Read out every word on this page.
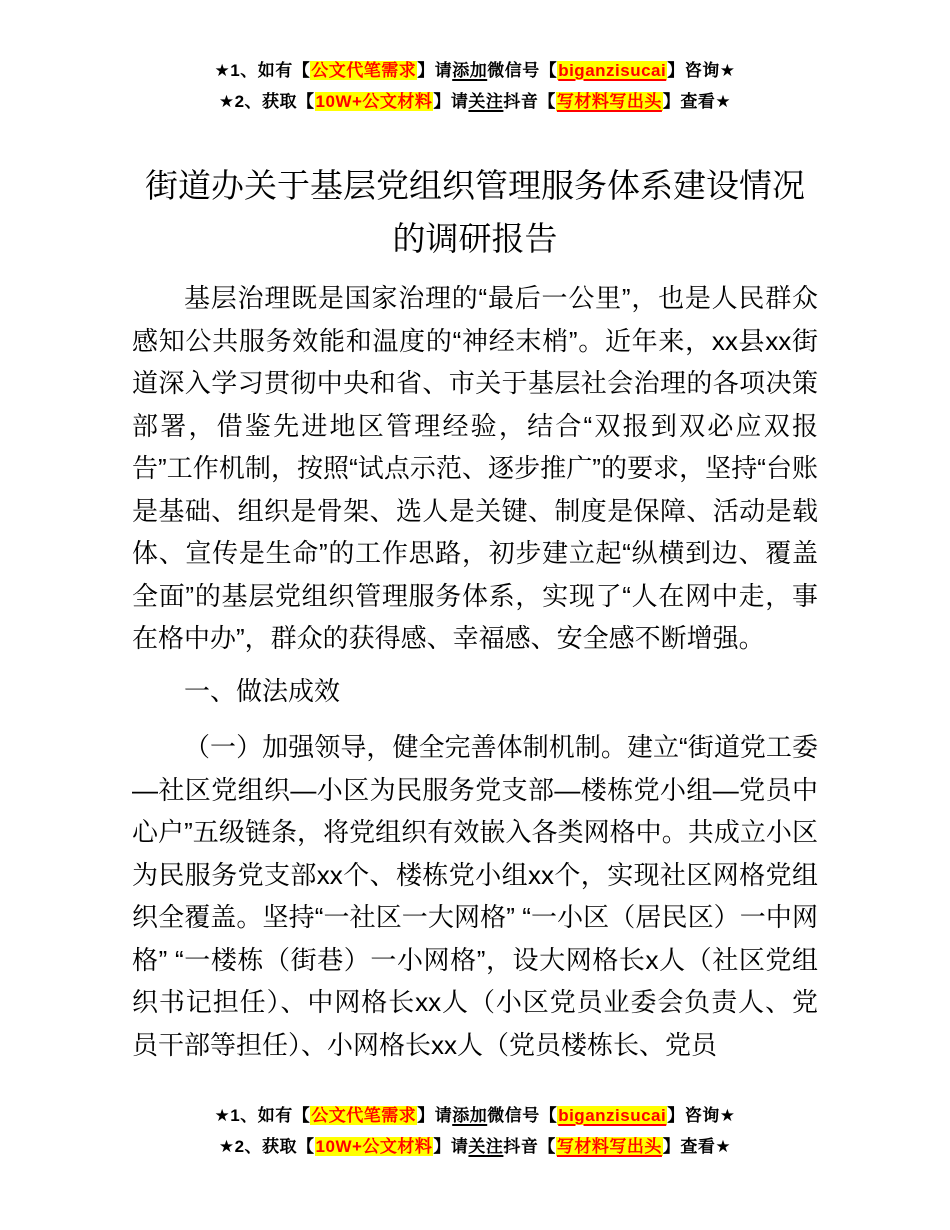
★1、如有【公文代笔需求】请添加微信号【biganzisucai】咨询★
★2、获取【10W+公文材料】请关注抖音【写材料写出头】查看★
街道办关于基层党组织管理服务体系建设情况的调研报告

基层治理既是国家治理的“最后一公里”，也是人民群众感知公共服务效能和温度的“神经末梢”。近年来，xx县xx街道深入学习贯彻中央和省、市关于基层社会治理的各项决策部署，借鉴先进地区管理经验，结合“双报到双必应双报告”工作机制，按照“试点示范、逐步推广”的要求，坚持“台账是基础、组织是骨架、选人是关键、制度是保障、活动是载体、宣传是生命”的工作思路，初步建立起“纵横到边、覆盖全面”的基层党组织管理服务体系，实现了“人在网中走，事在格中办”，群众的获得感、幸福感、安全感不断增强。

一、做法成效

（一）加强领导，健全完善体制机制。建立“街道党工委—社区党组织—小区为民服务党支部—楼栋党小组—党员中心户”五级链条，将党组织有效嵌入各类网格中。共成立小区为民服务党支部xx个、楼栋党小组xx个，实现社区网格党组织全覆盖。坚持“一社区一大网格” “一小区（居民区）一中网格” “一楼栋（街巷）一小网格”，设大网格长x人（社区党组织书记担任）、中网格长xx人（小区党员业委会负责人、党员干部等担任）、小网格长xx人（党员楼栋长、党员

★1、如有【公文代笔需求】请添加微信号【biganzisucai】咨询★
★2、获取【10W+公文材料】请关注抖音【写材料写出头】查看★
